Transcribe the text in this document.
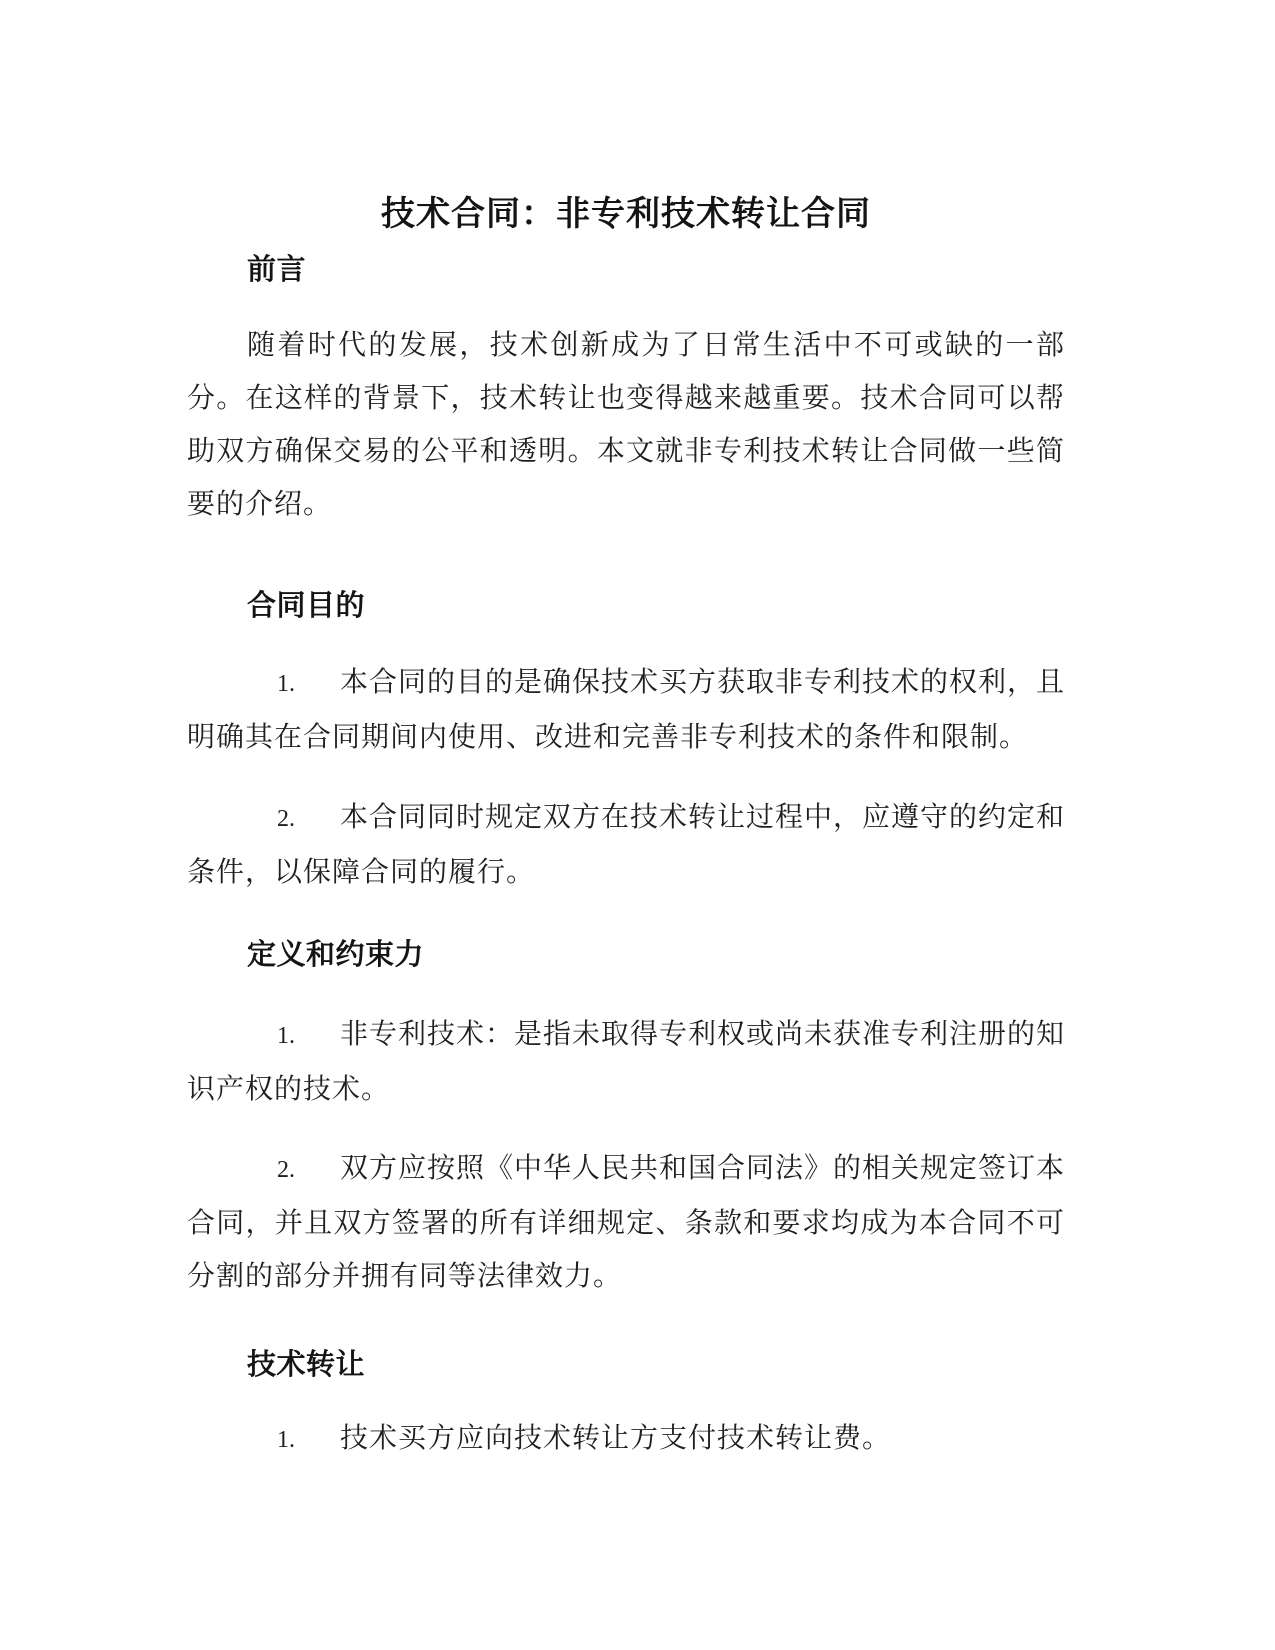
技术合同：非专利技术转让合同
前言

随着时代的发展，技术创新成为了日常生活中不可或缺的一部分。在这样的背景下，技术转让也变得越来越重要。技术合同可以帮助双方确保交易的公平和透明。本文就非专利技术转让合同做一些简要的介绍。

合同目的

1. 本合同的目的是确保技术买方获取非专利技术的权利，且明确其在合同期间内使用、改进和完善非专利技术的条件和限制。

2. 本合同同时规定双方在技术转让过程中，应遵守的约定和条件，以保障合同的履行。

定义和约束力

1. 非专利技术：是指未取得专利权或尚未获准专利注册的知识产权的技术。

2. 双方应按照《中华人民共和国合同法》的相关规定签订本合同，并且双方签署的所有详细规定、条款和要求均成为本合同不可分割的部分并拥有同等法律效力。

技术转让

1. 技术买方应向技术转让方支付技术转让费。
